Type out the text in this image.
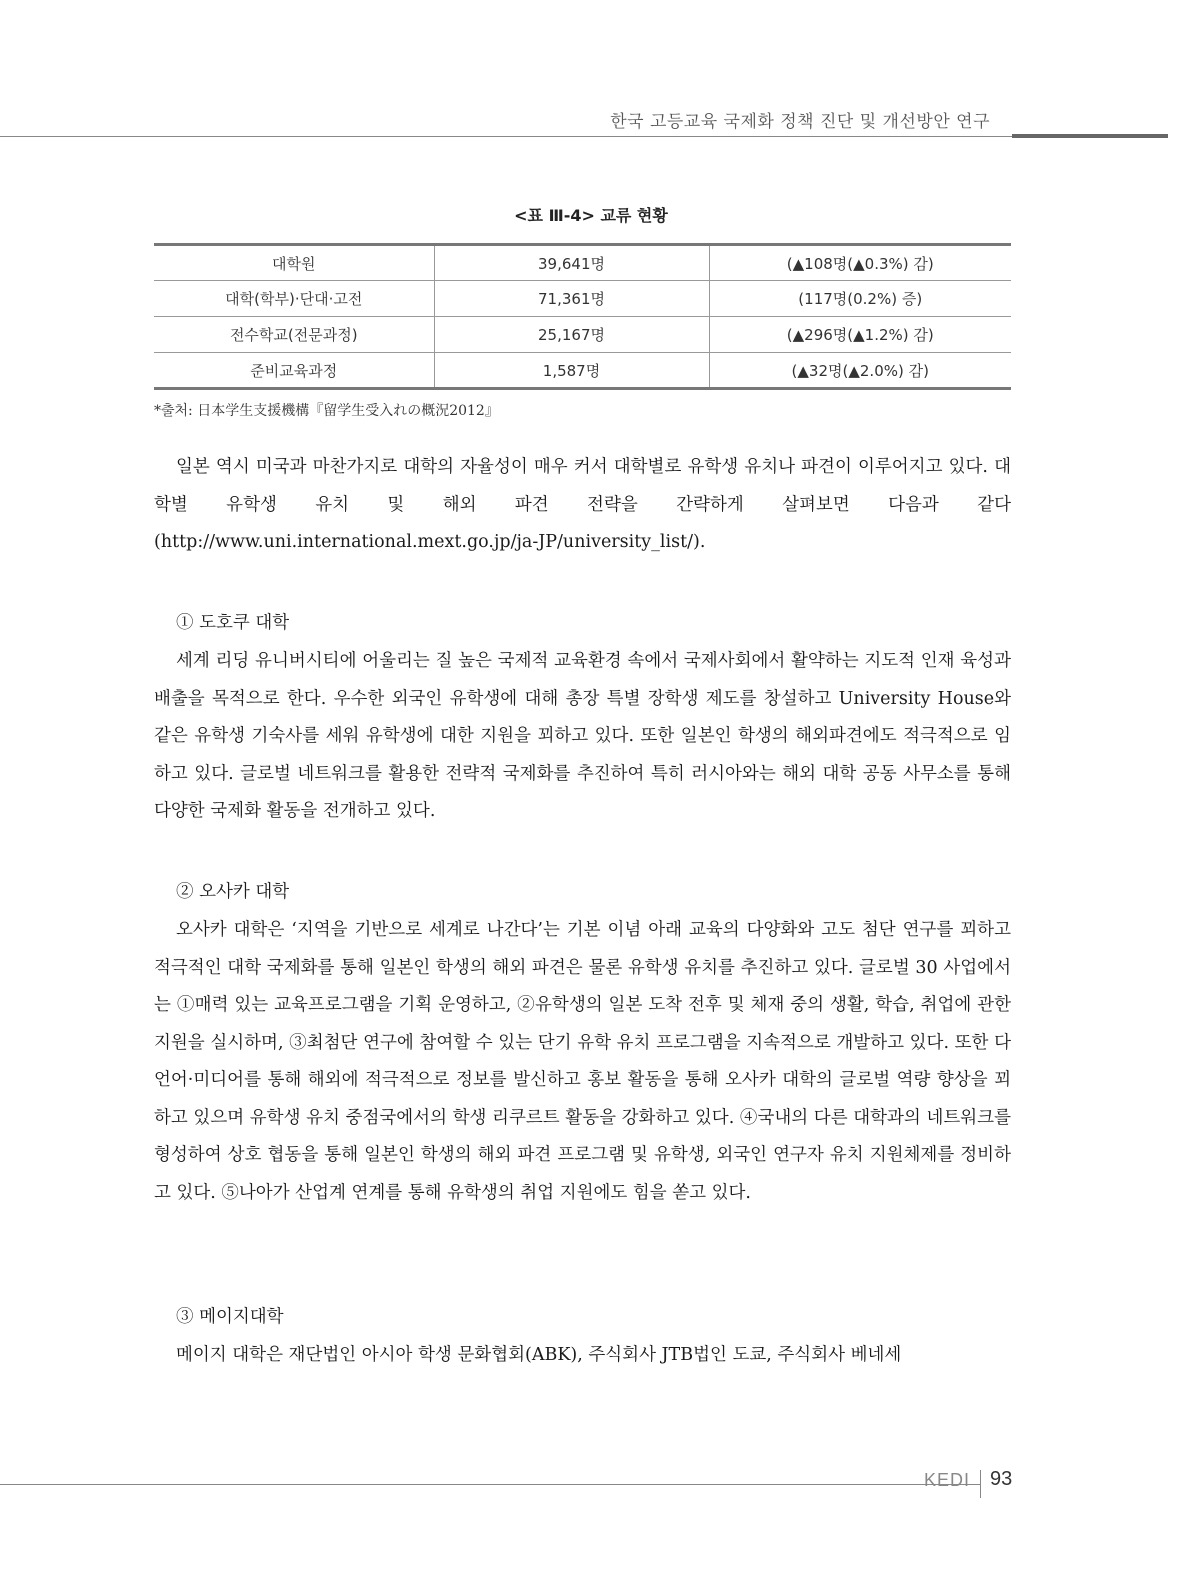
한국 고등교육 국제화 정책 진단 및 개선방안 연구
<표 Ⅲ-4> 교류 현황
대학원	39,641명	(▲108명(▲0.3%) 감)
대학(학부)·단대·고전	71,361명	(117명(0.2%) 증)
전수학교(전문과정)	25,167명	(▲296명(▲1.2%) 감)
준비교육과정	1,587명	(▲32명(▲2.0%) 감)
*출처: 日本学生支援機構『留学生受入れの概況2012』

일본 역시 미국과 마찬가지로 대학의 자율성이 매우 커서 대학별로 유학생 유치나 파견이 이루어지고 있다. 대학별 유학생 유치 및 해외 파견 전략을 간략하게 살펴보면 다음과 같다(http://www.uni.international.mext.go.jp/ja-JP/university_list/).

① 도호쿠 대학

세계 리딩 유니버시티에 어울리는 질 높은 국제적 교육환경 속에서 국제사회에서 활약하는 지도적 인재 육성과 배출을 목적으로 한다. 우수한 외국인 유학생에 대해 총장 특별 장학생 제도를 창설하고 University House와 같은 유학생 기숙사를 세워 유학생에 대한 지원을 꾀하고 있다. 또한 일본인 학생의 해외파견에도 적극적으로 임하고 있다. 글로벌 네트워크를 활용한 전략적 국제화를 추진하여 특히 러시아와는 해외 대학 공동 사무소를 통해 다양한 국제화 활동을 전개하고 있다.

② 오사카 대학

오사카 대학은 ‘지역을 기반으로 세계로 나간다’는 기본 이념 아래 교육의 다양화와 고도 첨단 연구를 꾀하고 적극적인 대학 국제화를 통해 일본인 학생의 해외 파견은 물론 유학생 유치를 추진하고 있다. 글로벌 30 사업에서는 ①매력 있는 교육프로그램을 기획 운영하고, ②유학생의 일본 도착 전후 및 체재 중의 생활, 학습, 취업에 관한 지원을 실시하며, ③최첨단 연구에 참여할 수 있는 단기 유학 유치 프로그램을 지속적으로 개발하고 있다. 또한 다언어·미디어를 통해 해외에 적극적으로 정보를 발신하고 홍보 활동을 통해 오사카 대학의 글로벌 역량 향상을 꾀하고 있으며 유학생 유치 중점국에서의 학생 리쿠르트 활동을 강화하고 있다. ④국내의 다른 대학과의 네트워크를 형성하여 상호 협동을 통해 일본인 학생의 해외 파견 프로그램 및 유학생, 외국인 연구자 유치 지원체제를 정비하고 있다. ⑤나아가 산업계 연계를 통해 유학생의 취업 지원에도 힘을 쏟고 있다.

③ 메이지대학

메이지 대학은 재단법인 아시아 학생 문화협회(ABK), 주식회사 JTB법인 도쿄, 주식회사 베네세

KEDI 93
